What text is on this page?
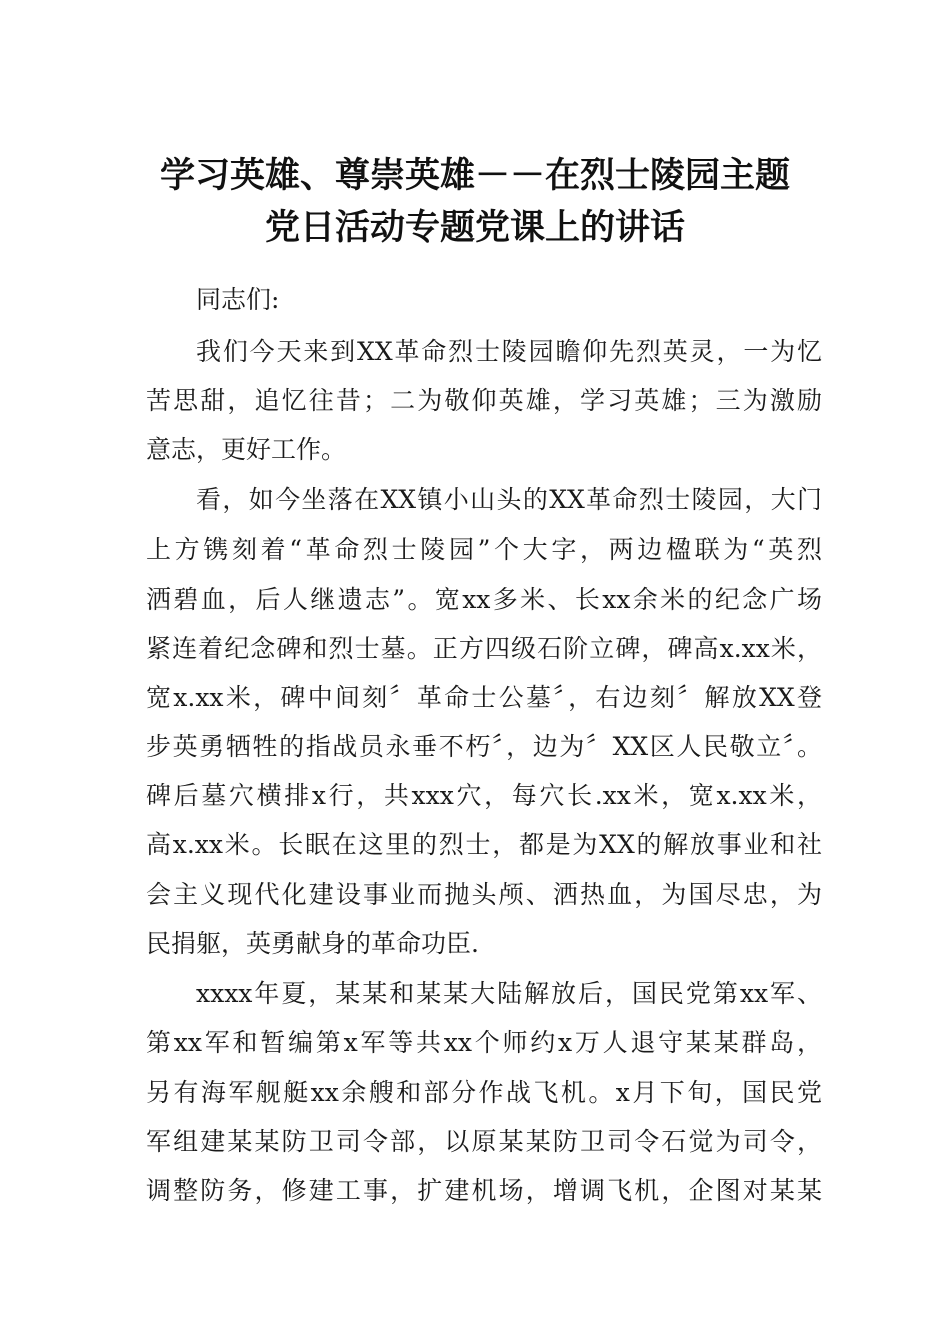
学习英雄、尊崇英雄－－在烈士陵园主题
党日活动专题党课上的讲话

同志们:

我们今天来到XX革命烈士陵园瞻仰先烈英灵，一为忆

苦思甜，追忆往昔；二为敬仰英雄，学习英雄；三为激励

意志，更好工作。

看，如今坐落在XX镇小山头的XX革命烈士陵园，大门

上方镌刻着“革命烈士陵园”个大字，两边楹联为“英烈

洒碧血，后人继遗志”。宽xx多米、长xx余米的纪念广场

紧连着纪念碑和烈士墓。正方四级石阶立碑，碑高x.xx米，

宽x.xx米，碑中间刻〞革命士公墓〞，右边刻〞解放XX登

步英勇牺牲的指战员永垂不朽〞，边为〞XX区人民敬立〞。

碑后墓穴横排x行，共xxx穴，每穴长.xx米，宽x.xx米，

高x.xx米。长眠在这里的烈士，都是为XX的解放事业和社

会主义现代化建设事业而抛头颅、洒热血，为国尽忠，为

民捐躯，英勇献身的革命功臣.

xxxx年夏，某某和某某大陆解放后，国民党第xx军、

第xx军和暂编第x军等共xx个师约x万人退守某某群岛，

另有海军舰艇xx余艘和部分作战飞机。x月下旬，国民党

军组建某某防卫司令部，以原某某防卫司令石觉为司令，

调整防务，修建工事，扩建机场，增调飞机，企图对某某
